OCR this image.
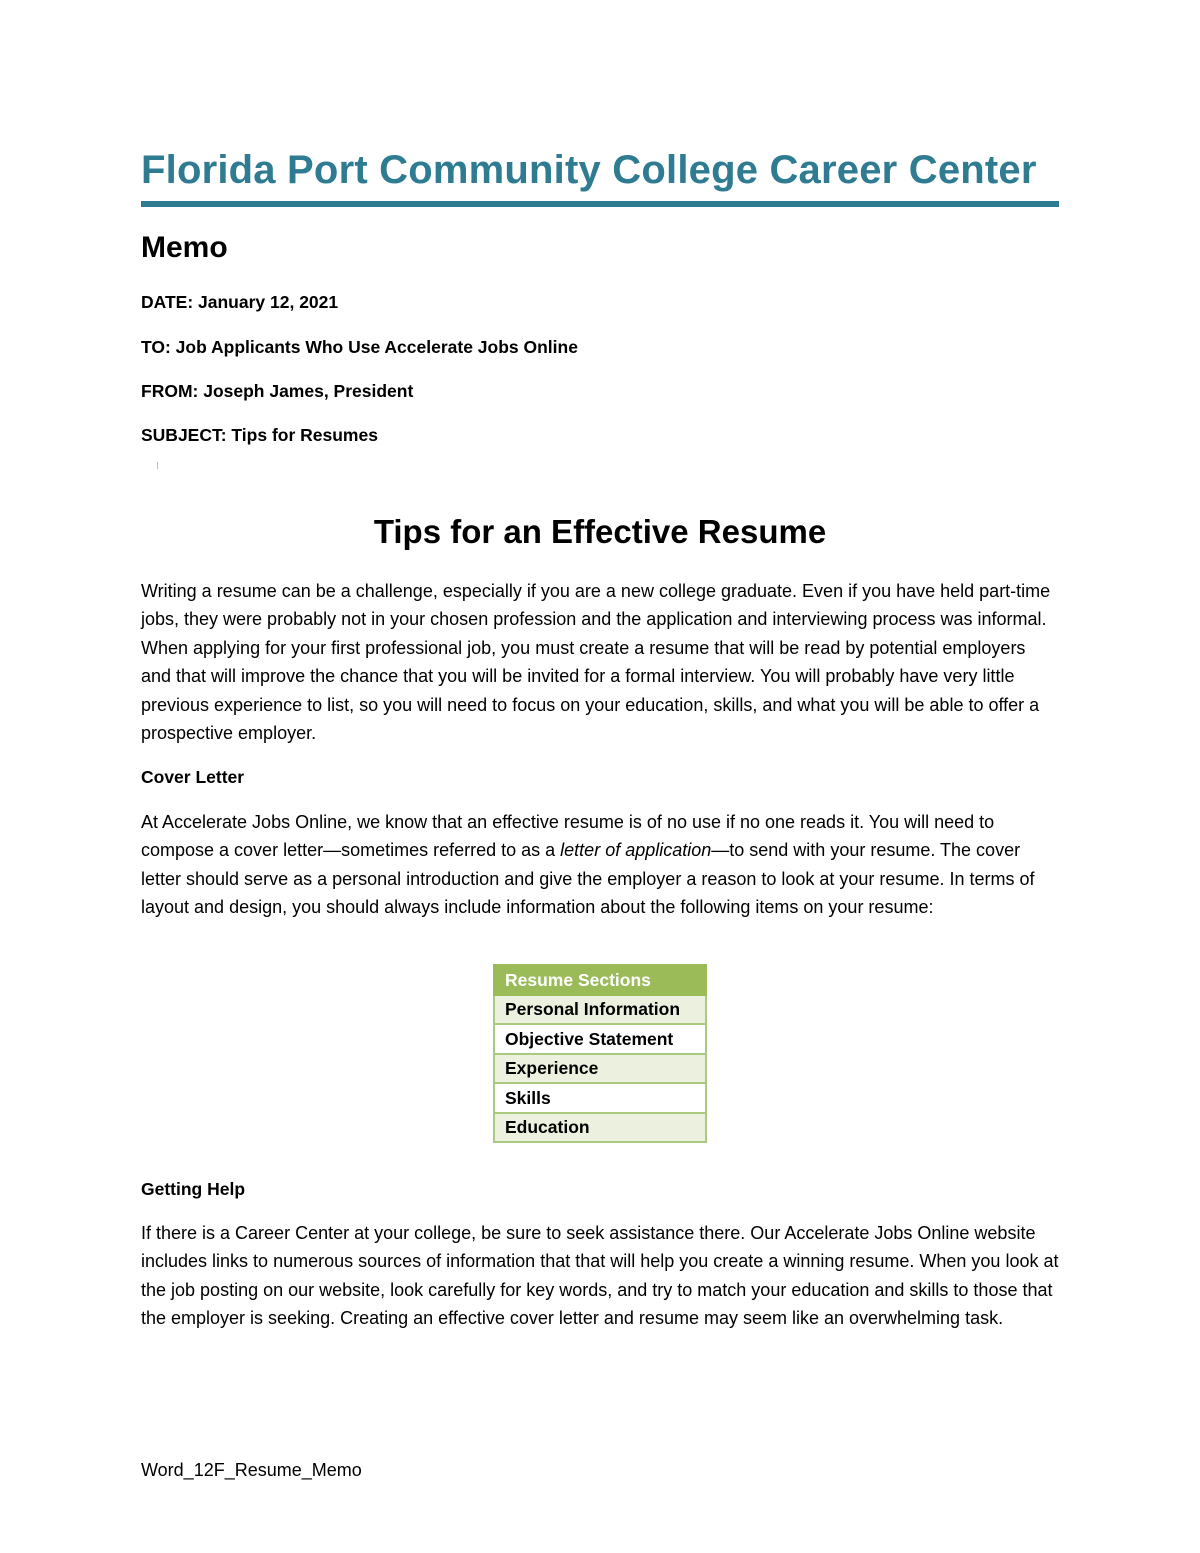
Florida Port Community College Career Center
Memo

DATE: January 12, 2021

TO: Job Applicants Who Use Accelerate Jobs Online

FROM: Joseph James, President

SUBJECT: Tips for Resumes

Tips for an Effective Resume

Writing a resume can be a challenge, especially if you are a new college graduate. Even if you have held part-time jobs, they were probably not in your chosen profession and the application and interviewing process was informal. When applying for your first professional job, you must create a resume that will be read by potential employers and that will improve the chance that you will be invited for a formal interview. You will probably have very little previous experience to list, so you will need to focus on your education, skills, and what you will be able to offer a prospective employer.

Cover Letter

At Accelerate Jobs Online, we know that an effective resume is of no use if no one reads it. You will need to compose a cover letter—sometimes referred to as a letter of application—to send with your resume. The cover letter should serve as a personal introduction and give the employer a reason to look at your resume. In terms of layout and design, you should always include information about the following items on your resume:

Resume Sections
Personal Information
Objective Statement
Experience
Skills
Education
Getting Help

If there is a Career Center at your college, be sure to seek assistance there. Our Accelerate Jobs Online website includes links to numerous sources of information that that will help you create a winning resume. When you look at the job posting on our website, look carefully for key words, and try to match your education and skills to those that the employer is seeking. Creating an effective cover letter and resume may seem like an overwhelming task.

Word_12F_Resume_Memo
